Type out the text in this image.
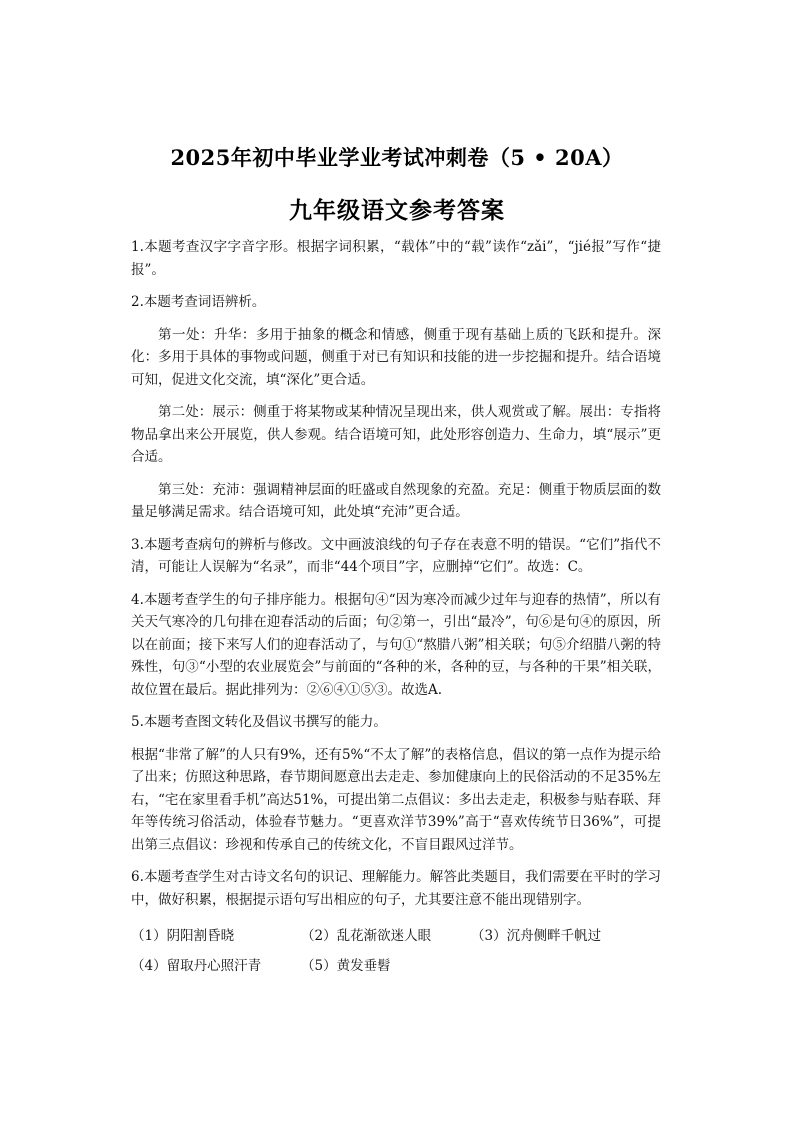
2025年初中毕业学业考试冲刺卷（5 • 20A）
九年级语文参考答案

1.本题考查汉字字音字形。根据字词积累，“载体”中的“载”读作“zǎi”，“jié报”写作“捷报”。

2.本题考查词语辨析。

第一处：升华：多用于抽象的概念和情感，侧重于现有基础上质的飞跃和提升。深化：多用于具体的事物或问题，侧重于对已有知识和技能的进一步挖掘和提升。结合语境可知，促进文化交流，填“深化”更合适。

第二处：展示：侧重于将某物或某种情况呈现出来，供人观赏或了解。展出：专指将物品拿出来公开展览，供人参观。结合语境可知，此处形容创造力、生命力，填“展示”更合适。

第三处：充沛：强调精神层面的旺盛或自然现象的充盈。充足：侧重于物质层面的数量足够满足需求。结合语境可知，此处填“充沛”更合适。

3.本题考查病句的辨析与修改。文中画波浪线的句子存在表意不明的错误。“它们”指代不清，可能让人误解为“名录”，而非“44个项目”字，应删掉“它们”。故选：C。

4.本题考查学生的句子排序能力。根据句④“因为寒冷而减少过年与迎春的热情”，所以有关天气寒冷的几句排在迎春活动的后面；句②第一，引出“最冷”，句⑥是句④的原因，所以在前面；接下来写人们的迎春活动了，与句①“熬腊八粥”相关联；句⑤介绍腊八粥的特殊性，句③“小型的农业展览会”与前面的“各种的米，各种的豆，与各种的干果”相关联，故位置在最后。据此排列为：②⑥④①⑤③。故选A.

5.本题考查图文转化及倡议书撰写的能力。

根据“非常了解”的人只有9%，还有5%“不太了解”的表格信息，倡议的第一点作为提示给了出来；仿照这种思路，春节期间愿意出去走走、参加健康向上的民俗活动的不足35%左右，“宅在家里看手机”高达51%，可提出第二点倡议：多出去走走，积极参与贴春联、拜年等传统习俗活动，体验春节魅力。“更喜欢洋节39%”高于“喜欢传统节日36%”，可提出第三点倡议：珍视和传承自己的传统文化，不盲目跟风过洋节。

6.本题考查学生对古诗文名句的识记、理解能力。解答此类题目，我们需要在平时的学习中，做好积累，根据提示语句写出相应的句子，尤其要注意不能出现错别字。

（1）阴阳割昏晓	（2）乱花渐欲迷人眼	（3）沉舟侧畔千帆过
（4）留取丹心照汗青	（5）黄发垂髫
